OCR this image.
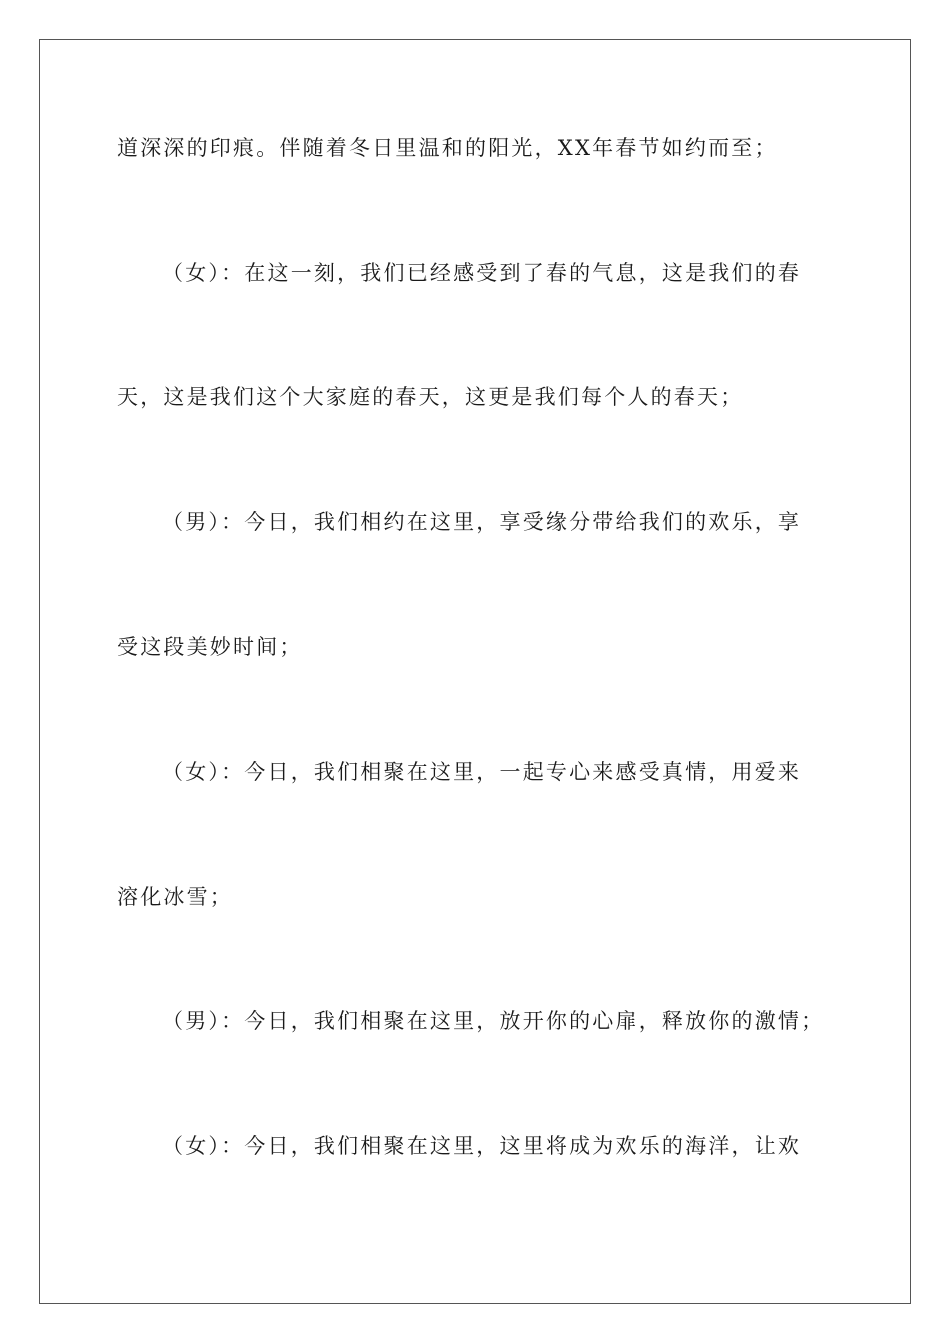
道深深的印痕。伴随着冬日里温和的阳光，XX年春节如约而至；
（女）：在这一刻，我们已经感受到了春的气息，这是我们的春
天，这是我们这个大家庭的春天，这更是我们每个人的春天；
（男）：今日，我们相约在这里，享受缘分带给我们的欢乐，享
受这段美妙时间；
（女）：今日，我们相聚在这里，一起专心来感受真情，用爱来
溶化冰雪；
（男）：今日，我们相聚在这里，放开你的心扉，释放你的激情；
（女）：今日，我们相聚在这里，这里将成为欢乐的海洋，让欢
